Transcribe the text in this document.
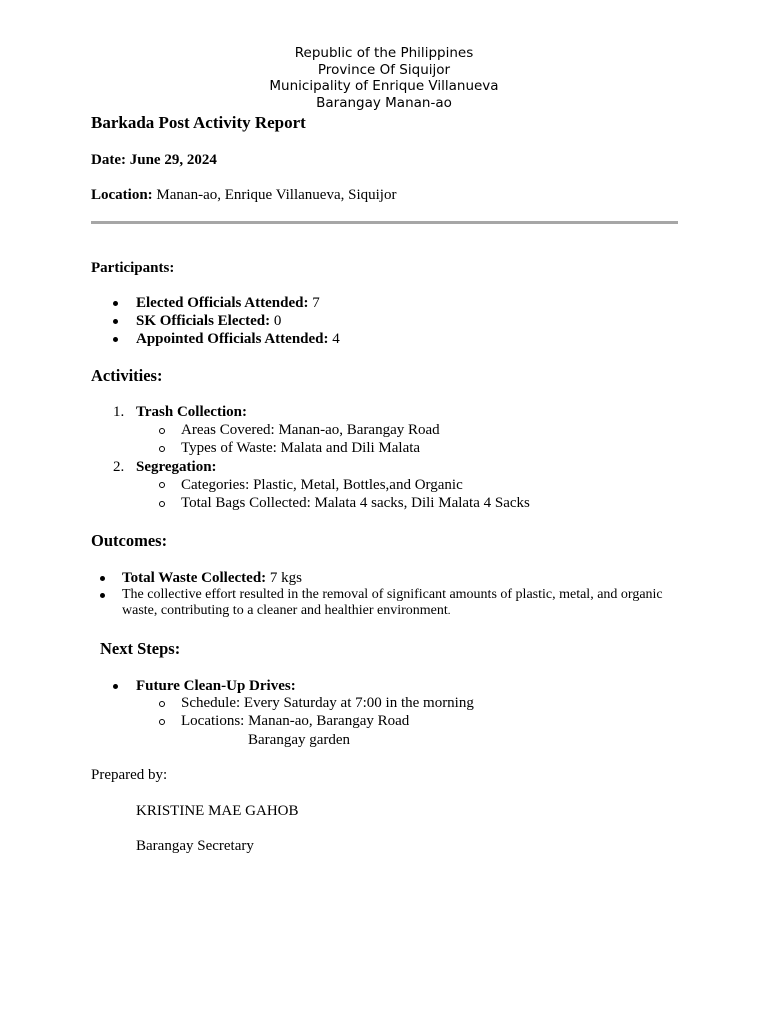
Republic of the Philippines
Province Of Siquijor
Municipality of Enrique Villanueva
Barangay Manan-ao
Barkada Post Activity Report
Date: June 29, 2024
Location: Manan-ao, Enrique Villanueva, Siquijor
Participants:
Elected Officials Attended: 7
SK Officials Elected: 0
Appointed Officials Attended: 4
Activities:
1. Trash Collection:
Areas Covered: Manan-ao, Barangay Road
Types of Waste: Malata and Dili Malata
2. Segregation:
Categories: Plastic, Metal, Bottles,and Organic
Total Bags Collected: Malata 4 sacks, Dili Malata 4 Sacks
Outcomes:
Total Waste Collected: 7 kgs
The collective effort resulted in the removal of significant amounts of plastic, metal, and organic
waste, contributing to a cleaner and healthier environment.
Next Steps:
Future Clean-Up Drives:
Schedule: Every Saturday at 7:00 in the morning
Locations: Manan-ao, Barangay Road
Barangay garden
Prepared by:
KRISTINE MAE GAHOB
Barangay Secretary
